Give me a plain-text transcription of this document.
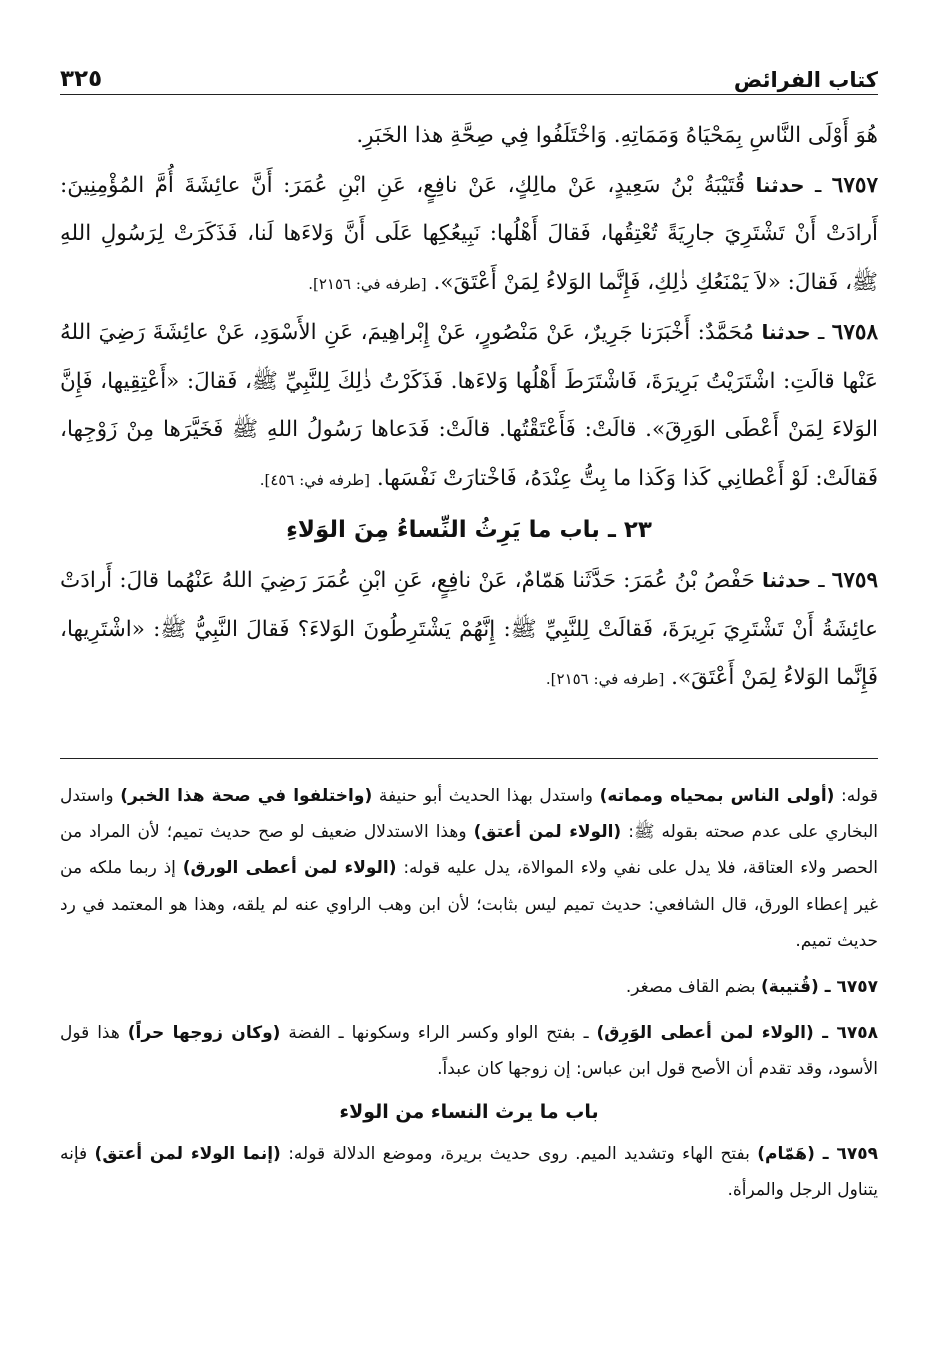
كتاب الفرائض
٣٢٥

هُوَ أَوْلَى النَّاسِ بِمَحْيَاهُ وَمَمَاتِهِ. وَاخْتَلَفُوا فِي صِحَّةِ هذا الخَبَرِ.

٦٧٥٧ ـ حدثنا قُتَيْبَةُ بْنُ سَعِيدٍ، عَنْ مالِكٍ، عَنْ نافِعٍ، عَنِ ابْنِ عُمَرَ: أَنَّ عائِشَةَ أُمَّ المُؤْمِنِينَ: أَرادَتْ أَنْ تَشْتَرِيَ جارِيَةً تُعْتِقُها، فَقالَ أَهْلُها: نَبِيعُكِها عَلَى أَنَّ وَلاءَها لَنا، فَذَكَرَتْ لِرَسُولِ اللهِ ﷺ، فَقالَ: «لاَ يَمْنَعُكِ ذٰلِكِ، فَإِنَّما الوَلاءُ لِمَنْ أَعْتَقَ». [طرفه في: ٢١٥٦].

٦٧٥٨ ـ حدثنا مُحَمَّدٌ: أَخْبَرَنا جَرِيرٌ، عَنْ مَنْصُورٍ، عَنْ إِبْراهِيمَ، عَنِ الأَسْوَدِ، عَنْ عائِشَةَ رَضِيَ اللهُ عَنْها قالَتِ: اشْتَرَيْتُ بَرِيرَةَ، فَاشْتَرَطَ أَهْلُها وَلاءَها. فَذَكَرْتُ ذٰلِكَ لِلنَّبِيِّ ﷺ، فَقالَ: «أَعْتِقِيها، فَإِنَّ الوَلاءَ لِمَنْ أَعْطَى الوَرِقَ». قالَتْ: فَأَعْتَقْتُها. قالَتْ: فَدَعاها رَسُولُ اللهِ ﷺ فَخَيَّرَها مِنْ زَوْجِها، فَقالَتْ: لَوْ أَعْطانِي كَذا وَكَذا ما بِتُّ عِنْدَهُ، فَاخْتارَتْ نَفْسَها. [طرفه في: ٤٥٦].

٢٣ ـ باب ما يَرِثُ النِّساءُ مِنَ الوَلاءِ

٦٧٥٩ ـ حدثنا حَفْصُ بْنُ عُمَرَ: حَدَّثَنا هَمّامٌ، عَنْ نافِعٍ، عَنِ ابْنِ عُمَرَ رَضِيَ اللهُ عَنْهُما قالَ: أَرادَتْ عائِشَةُ أَنْ تَشْتَرِيَ بَرِيرَةَ، فَقالَتْ لِلنَّبِيِّ ﷺ: إِنَّهُمْ يَشْتَرِطُونَ الوَلاءَ؟ فَقالَ النَّبِيُّ ﷺ: «اشْتَرِيها، فَإِنَّما الوَلاءُ لِمَنْ أَعْتَقَ». [طرفه في: ٢١٥٦].

قوله: (أولى الناس بمحياه ومماته) واستدل بهذا الحديث أبو حنيفة (واختلفوا في صحة هذا الخبر) واستدل البخاري على عدم صحته بقوله ﷺ: (الولاء لمن أعتق) وهذا الاستدلال ضعيف لو صح حديث تميم؛ لأن المراد من الحصر ولاء العتاقة، فلا يدل على نفي ولاء الموالاة، يدل عليه قوله: (الولاء لمن أعطى الورق) إذ ربما ملكه من غير إعطاء الورق، قال الشافعي: حديث تميم ليس بثابت؛ لأن ابن وهب الراوي عنه لم يلقه، وهذا هو المعتمد في رد حديث تميم.

٦٧٥٧ ـ (قُتيبة) بضم القاف مصغر.

٦٧٥٨ ـ (الولاء لمن أعطى الوَرِق) ـ بفتح الواو وكسر الراء وسكونها ـ الفضة (وكان زوجها حراً) هذا قول الأسود، وقد تقدم أن الأصح قول ابن عباس: إن زوجها كان عبداً.

باب ما يرث النساء من الولاء

٦٧٥٩ ـ (هَمّام) بفتح الهاء وتشديد الميم. روى حديث بريرة، وموضع الدلالة قوله: (إنما الولاء لمن أعتق) فإنه يتناول الرجل والمرأة.
